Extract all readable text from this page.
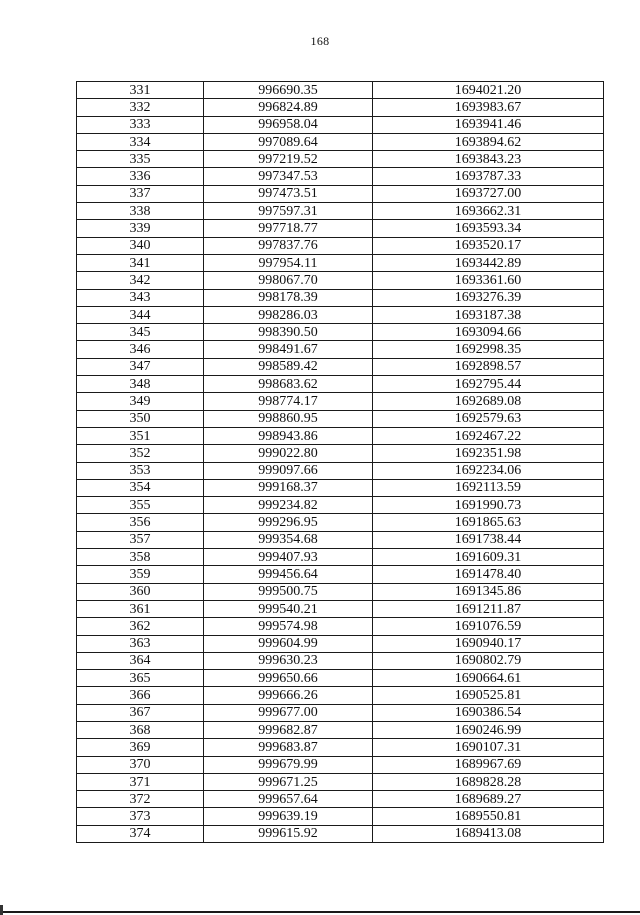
168
331	996690.35	1694021.20
332	996824.89	1693983.67
333	996958.04	1693941.46
334	997089.64	1693894.62
335	997219.52	1693843.23
336	997347.53	1693787.33
337	997473.51	1693727.00
338	997597.31	1693662.31
339	997718.77	1693593.34
340	997837.76	1693520.17
341	997954.11	1693442.89
342	998067.70	1693361.60
343	998178.39	1693276.39
344	998286.03	1693187.38
345	998390.50	1693094.66
346	998491.67	1692998.35
347	998589.42	1692898.57
348	998683.62	1692795.44
349	998774.17	1692689.08
350	998860.95	1692579.63
351	998943.86	1692467.22
352	999022.80	1692351.98
353	999097.66	1692234.06
354	999168.37	1692113.59
355	999234.82	1691990.73
356	999296.95	1691865.63
357	999354.68	1691738.44
358	999407.93	1691609.31
359	999456.64	1691478.40
360	999500.75	1691345.86
361	999540.21	1691211.87
362	999574.98	1691076.59
363	999604.99	1690940.17
364	999630.23	1690802.79
365	999650.66	1690664.61
366	999666.26	1690525.81
367	999677.00	1690386.54
368	999682.87	1690246.99
369	999683.87	1690107.31
370	999679.99	1689967.69
371	999671.25	1689828.28
372	999657.64	1689689.27
373	999639.19	1689550.81
374	999615.92	1689413.08
